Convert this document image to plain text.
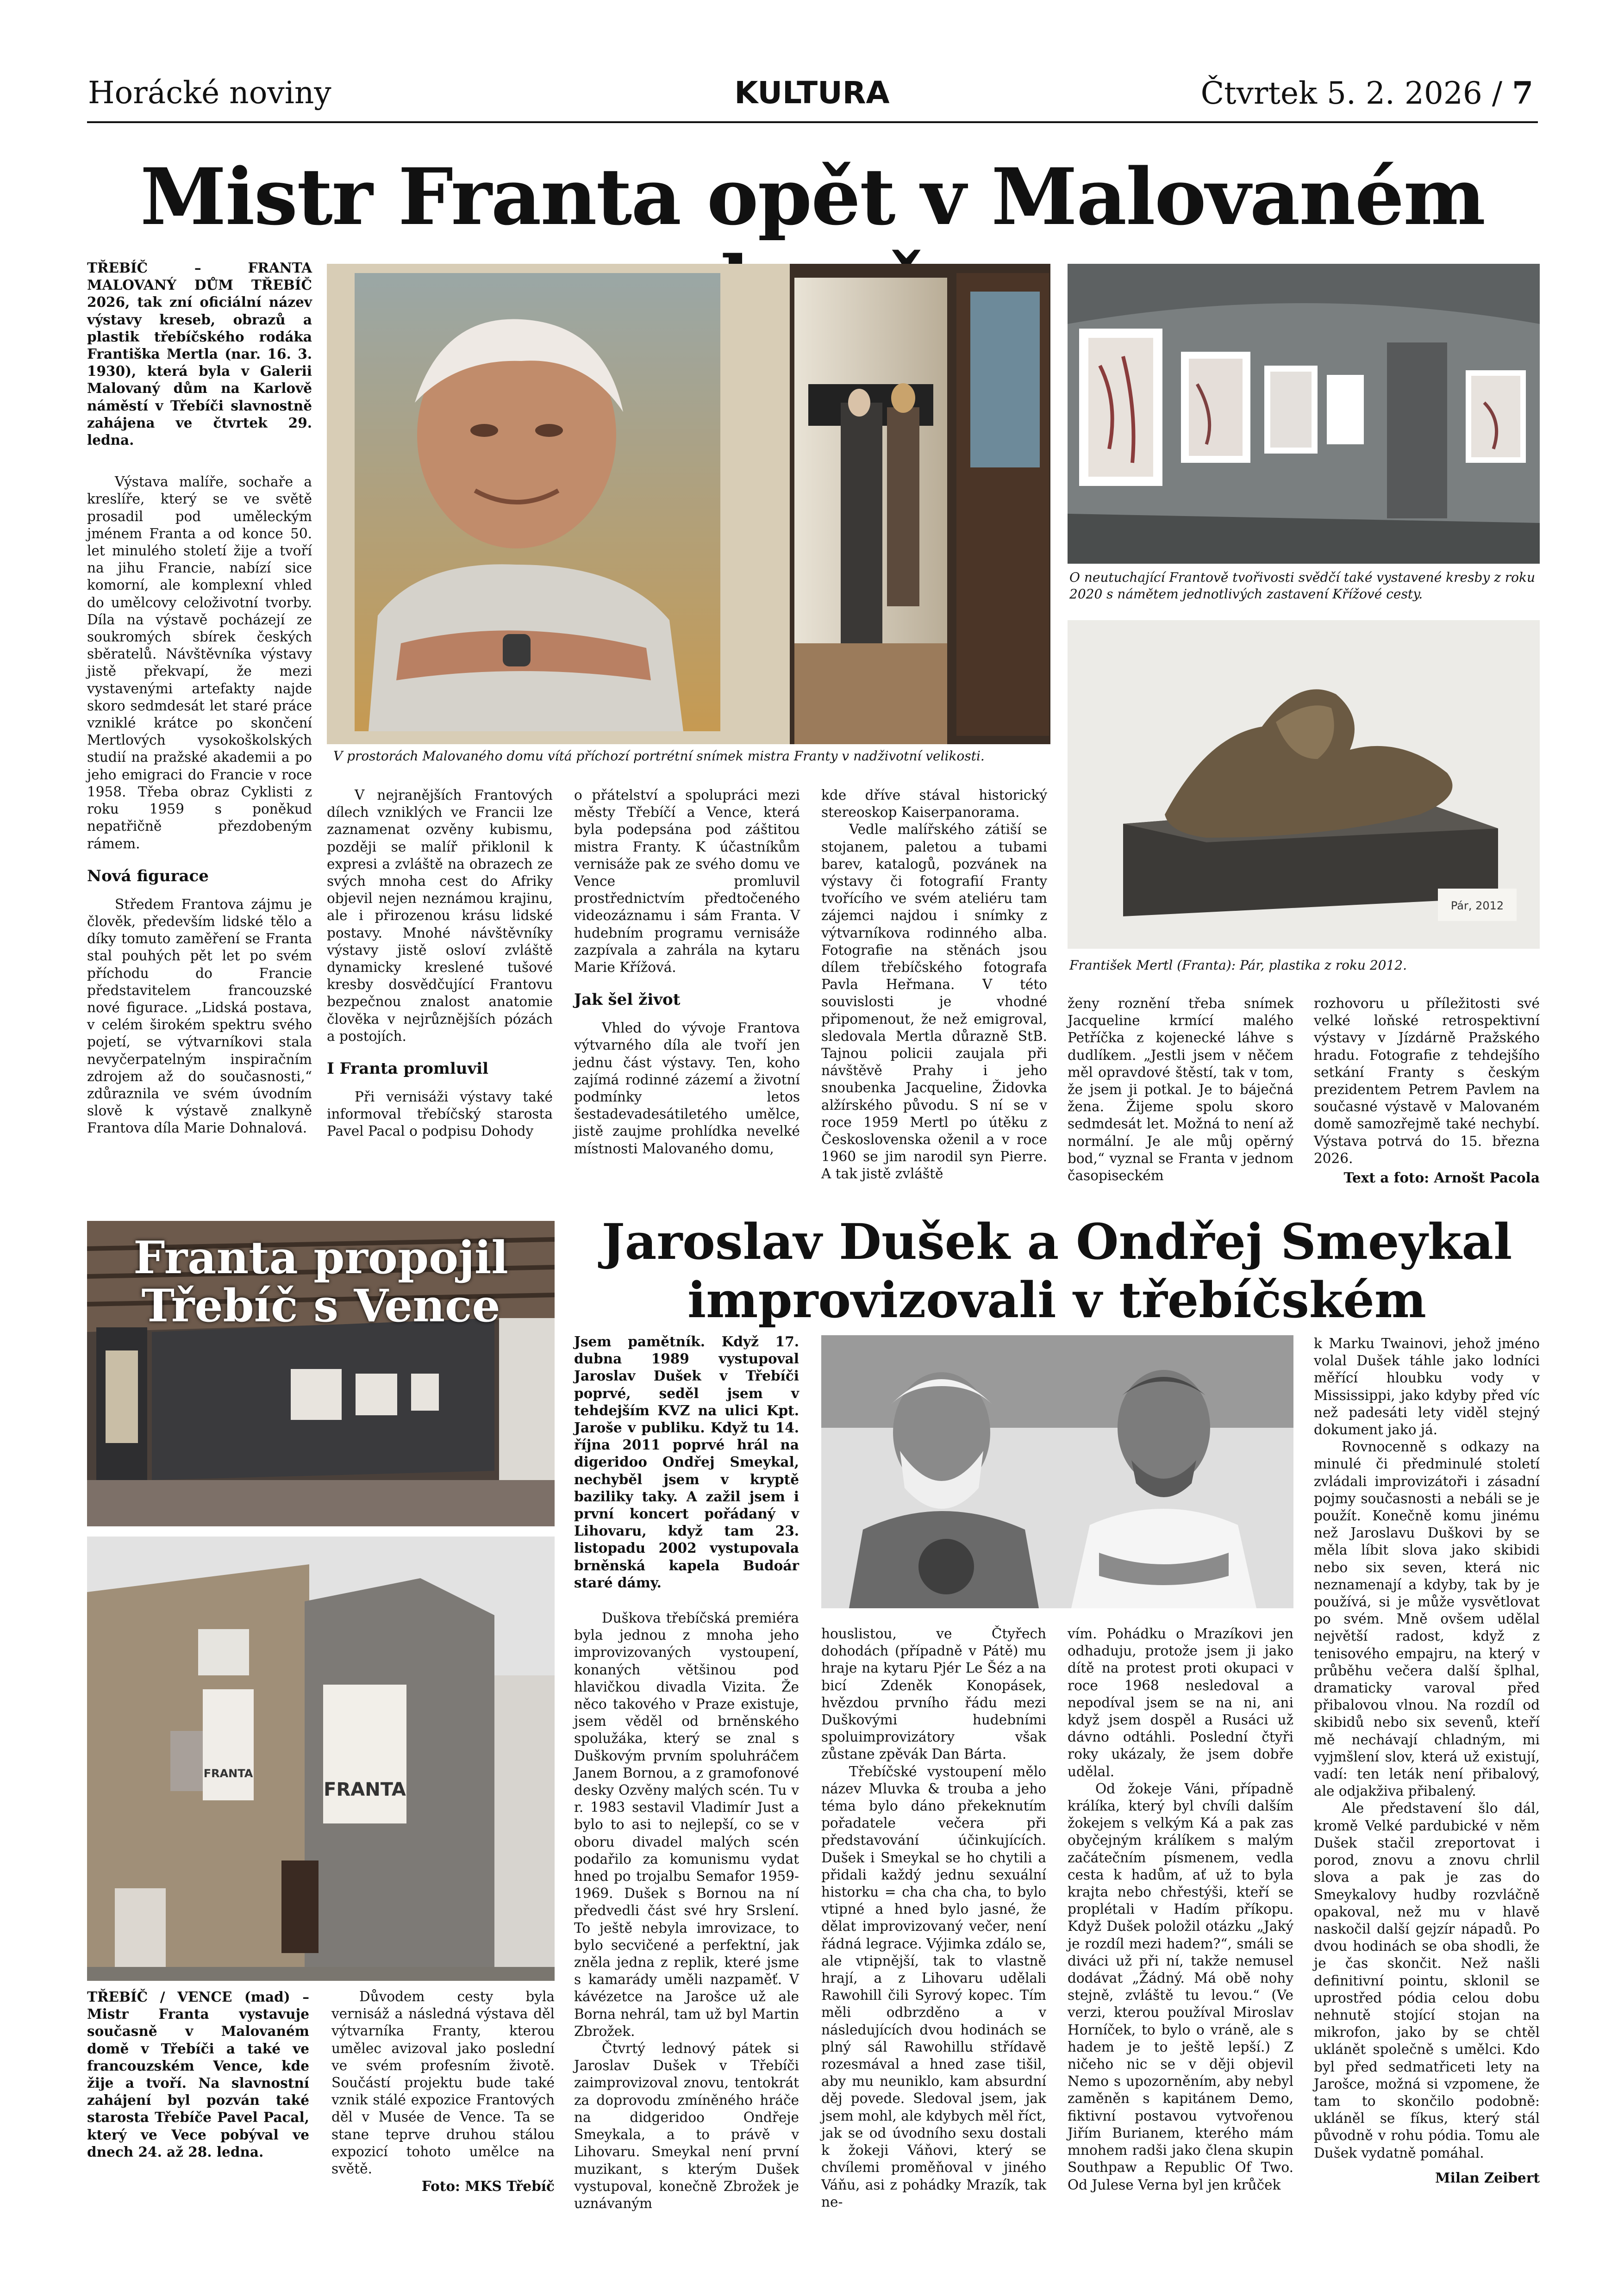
Horácké noviny	KULTURA	Čtvrtek 5. 2. 2026 / 7
Mistr Franta opět v Malovaném

TŘEBÍČ – FRANTA MALOVANÝ DŮM TŘEBÍČ 2026, tak zní oficiální název výstavy kreseb, obrazů a plastik třebíčského rodáka Františka Mertla (nar. 16. 3. 1930), která byla v Galerii Malovaný dům na Karlově náměstí v Třebíči slavnostně zahájena ve čtvrtek 29. ledna.

Výstava malíře, sochaře a kreslíře, který se ve světě prosadil pod uměleckým jménem Franta a od konce 50. let minulého století žije a tvoří na jihu Francie, nabízí sice komorní, ale komplexní vhled do umělcovy celoživotní tvorby. Díla na výstavě pocházejí ze soukromých sbírek českých sběratelů. Návštěvníka výstavy jistě překvapí, že mezi vystavenými artefakty najde skoro sedmdesát let staré práce vzniklé krátce po skončení Mertlových vysokoškolských studií na pražské akademii a po jeho emigraci do Francie v roce 1958. Třeba obraz Cyklisti z roku 1959 s poněkud nepatřičně přezdobeným rámem.

Nová figurace

Středem Frantova zájmu je člověk, především lidské tělo a díky tomuto zaměření se Franta stal pouhých pět let po svém příchodu do Francie představitelem francouzské nové figurace. „Lidská postava, v celém širokém spektru svého pojetí, se výtvarníkovi stala nevyčerpatelným inspiračním zdrojem až do současnosti,“ zdůraznila ve svém úvodním slově k výstavě znalkyně Frantova díla Marie Dohnalová.

V prostorách Malovaného domu vítá příchozí portrétní snímek mistra Franty v nadživotní velikosti.
O neutuchající Frantově tvořivosti svědčí také vystavené kresby z roku 2020 s námětem jednotlivých zastavení Křížové cesty.
Pár, 2012
František Mertl (Franta): Pár, plastika z roku 2012.

V nejranějších Frantových dílech vzniklých ve Francii lze zaznamenat ozvěny kubismu, později se malíř přiklonil k expresi a zvláště na obrazech ze svých mnoha cest do Afriky objevil nejen neznámou krajinu, ale i přirozenou krásu lidské postavy. Mnohé návštěvníky výstavy jistě osloví zvláště dynamicky kreslené tušové kresby dosvědčující Frantovu bezpečnou znalost anatomie člověka v nejrůznějších pózách a postojích.

I Franta promluvil

Při vernisáži výstavy také informoval třebíčský starosta Pavel Pacal o podpisu Dohody

o přátelství a spolupráci mezi městy Třebíčí a Vence, která byla podepsána pod záštitou mistra Franty. K účastníkům vernisáže pak ze svého domu ve Vence promluvil prostřednictvím předtočeného videozáznamu i sám Franta. V hudebním programu vernisáže zazpívala a zahrála na kytaru Marie Křížová.

Jak šel život

Vhled do vývoje Frantova výtvarného díla ale tvoří jen jednu část výstavy. Ten, koho zajímá rodinné zázemí a životní podmínky letos šestadevadesátiletého umělce, jistě zaujme prohlídka nevelké místnosti Malovaného domu,

kde dříve stával historický stereoskop Kaiserpanorama.

Vedle malířského zátiší se stojanem, paletou a tubami barev, katalogů, pozvánek na výstavy či fotografií Franty tvořícího ve svém ateliéru tam zájemci najdou i snímky z výtvarníkova rodinného alba. Fotografie na stěnách jsou dílem třebíčského fotografa Pavla Heřmana. V této souvislosti je vhodné připomenout, že než emigroval, sledovala Mertla důrazně StB. Tajnou policii zaujala při návštěvě Prahy i jeho snoubenka Jacqueline, Židovka alžírského původu. S ní se v roce 1959 Mertl po útěku z Československa oženil a v roce 1960 se jim narodil syn Pierre. A tak jistě zvláště

ženy roznění třeba snímek Jacqueline krmící malého Petříčka z kojenecké láhve s dudlíkem. „Jestli jsem v něčem měl opravdové štěstí, tak v tom, že jsem ji potkal. Je to báječná žena. Žijeme spolu skoro sedmdesát let. Možná to není až normální. Je ale můj opěrný bod,“ vyznal se Franta v jednom časopiseckém

rozhovoru u příležitosti své velké loňské retrospektivní výstavy v Jízdárně Pražského hradu. Fotografie z tehdejšího setkání Franty s českým prezidentem Petrem Pavlem na současné výstavě v Malovaném domě samozřejmě také nechybí. Výstava potrvá do 15. března 2026.

Text a foto: Arnošt Pacola

Franta propojil
Třebíč s Vence
FRANTA
FRANTA

TŘEBÍČ / VENCE (mad) – Mistr Franta vystavuje současně v Malovaném domě v Třebíči a také ve francouzském Vence, kde žije a tvoří. Na slavnostní zahájení byl pozván také starosta Třebíče Pavel Pacal, který ve Vece pobýval ve dnech 24. až 28. ledna.

Důvodem cesty byla vernisáž a následná výstava děl výtvarníka Franty, kterou umělec avizoval jako poslední ve svém profesním životě. Součástí projektu bude také vznik stálé expozice Frantových děl v Musée de Vence. Ta se stane teprve druhou stálou expozicí tohoto umělce na světě.

Foto: MKS Třebíč

Jaroslav Dušek a Ondřej Smeykal
improvizovali v třebíčském

Jsem pamětník. Když 17. dubna 1989 vystupoval Jaroslav Dušek v Třebíči poprvé, seděl jsem v tehdejším KVZ na ulici Kpt. Jaroše v publiku. Když tu 14. října 2011 poprvé hrál na digeridoo Ondřej Smeykal, nechyběl jsem v kryptě baziliky taky. A zažil jsem i první koncert pořádaný v Lihovaru, když tam 23. listopadu 2002 vystupovala brněnská kapela Budoár staré dámy.

Duškova třebíčská premiéra byla jednou z mnoha jeho improvizovaných vystoupení, konaných většinou pod hlavičkou divadla Vizita. Že něco takového v Praze existuje, jsem věděl od brněnského spolužáka, který se znal s Duškovým prvním spoluhráčem Janem Bornou, a z gramofonové desky Ozvěny malých scén. Tu v r. 1983 sestavil Vladimír Just a bylo to asi to nejlepší, co se v oboru divadel malých scén podařilo za komunismu vydat hned po trojalbu Semafor 1959-1969. Dušek s Bornou na ní předvedli část své hry Srslení. To ještě nebyla imrovizace, to bylo secvičené a perfektní, jak zněla jedna z replik, které jsme s kamarády uměli nazpaměť. V kávézetce na Jarošce už ale Borna nehrál, tam už byl Martin Zbrožek.

Čtvrtý lednový pátek si Jaroslav Dušek v Třebíči zaimprovizoval znovu, tentokrát za doprovodu zmíněného hráče na didgeridoo Ondřeje Smeykala, a to právě v Lihovaru. Smeykal není první muzikant, s kterým Dušek vystupoval, konečně Zbrožek je uznávaným

houslistou, ve Čtyřech dohodách (případně v Pátě) mu hraje na kytaru Pjér Le Šéz a na bicí Zdeněk Konopásek, hvězdou prvního řádu mezi Duškovými hudebními spoluimprovizátory však zůstane zpěvák Dan Bárta.

Třebíčské vystoupení mělo název Mluvka & trouba a jeho téma bylo dáno překeknutím pořadatele večera při představování účinkujících. Dušek i Smeykal se ho chytili a přidali každý jednu sexuální historku = cha cha cha, to bylo vtipné a hned bylo jasné, že dělat improvizovaný večer, není řádná legrace. Výjimka zdálo se, ale vtipnější, tak to vlastně hrají, a z Lihovaru udělali Rawohill čili Syrový kopec. Tím měli odbrzděno a v následujících dvou hodinách se plný sál Rawohillu střídavě rozesmával a hned zase tišil, aby mu neuniklo, kam absurdní děj povede. Sledoval jsem, jak jsem mohl, ale kdybych měl říct, jak se od úvodního sexu dostali k žokeji Váňovi, který se chvílemi proměňoval v jiného Váňu, asi z pohádky Mrazík, tak ne-

vím. Pohádku o Mrazíkovi jen odhaduju, protože jsem ji jako dítě na protest proti okupaci v roce 1968 nesledoval a nepodíval jsem se na ni, ani když jsem dospěl a Rusáci už dávno odtáhli. Poslední čtyři roky ukázaly, že jsem dobře udělal.

Od žokeje Váni, případně králíka, který byl chvíli dalším žokejem s velkým Ká a pak zas obyčejným králíkem s malým začátečním písmenem, vedla cesta k hadům, ať už to byla krajta nebo chřestýši, kteří se proplétali v Hadím příkopu. Když Dušek položil otázku „Jaký je rozdíl mezi hadem?“, smáli se diváci už při ní, takže nemusel dodávat „Žádný. Má obě nohy stejně, zvláště tu levou.“ (Ve verzi, kterou používal Miroslav Horníček, to bylo o vráně, ale s hadem je to ještě lepší.) Z ničeho nic se v ději objevil Nemo s upozorněním, aby nebyl zaměněn s kapitánem Demo, fiktivní postavou vytvořenou Jiřím Burianem, kterého mám mnohem radši jako člena skupin Southpaw a Republic Of Two. Od Julese Verna byl jen krůček

k Marku Twainovi, jehož jméno volal Dušek táhle jako lodníci měřící hloubku vody v Mississippi, jako kdyby před víc než padesáti lety viděl stejný dokument jako já.

Rovnocenně s odkazy na minulé či předminulé století zvládali improvizátoři i zásadní pojmy současnosti a nebáli se je použít. Konečně komu jinému než Jaroslavu Duškovi by se měla líbit slova jako skibidi nebo six seven, která nic neznamenají a kdyby, tak by je používá, si je může vysvětlovat po svém. Mně ovšem udělal největší radost, když z tenisového empajru, na který v průběhu večera další šplhal, dramaticky varoval před přibalovou vlnou. Na rozdíl od skibidů nebo six sevenů, kteří mě nechávají chladným, mi vyjmšlení slov, která už existují, vadí: ten leták není přibalový, ale odjakživa přibalený.

Ale představení šlo dál, kromě Velké pardubické v něm Dušek stačil zreportovat i porod, znovu a znovu chrlil slova a pak je zas do Smeykalovy hudby rozvláčně opakoval, než mu v hlavě naskočil další gejzír nápadů. Po dvou hodinách se oba shodli, že je čas skončit. Než našli definitivní pointu, sklonil se uprostřed pódia celou dobu nehnutě stojící stojan na mikrofon, jako by se chtěl uklánět společně s umělci. Kdo byl před sedmatřiceti lety na Jarošce, možná si vzpomene, že tam to skončilo podobně: ukláněl se fíkus, který stál původně v rohu pódia. Tomu ale Dušek vydatně pomáhal.

Milan Zeibert
